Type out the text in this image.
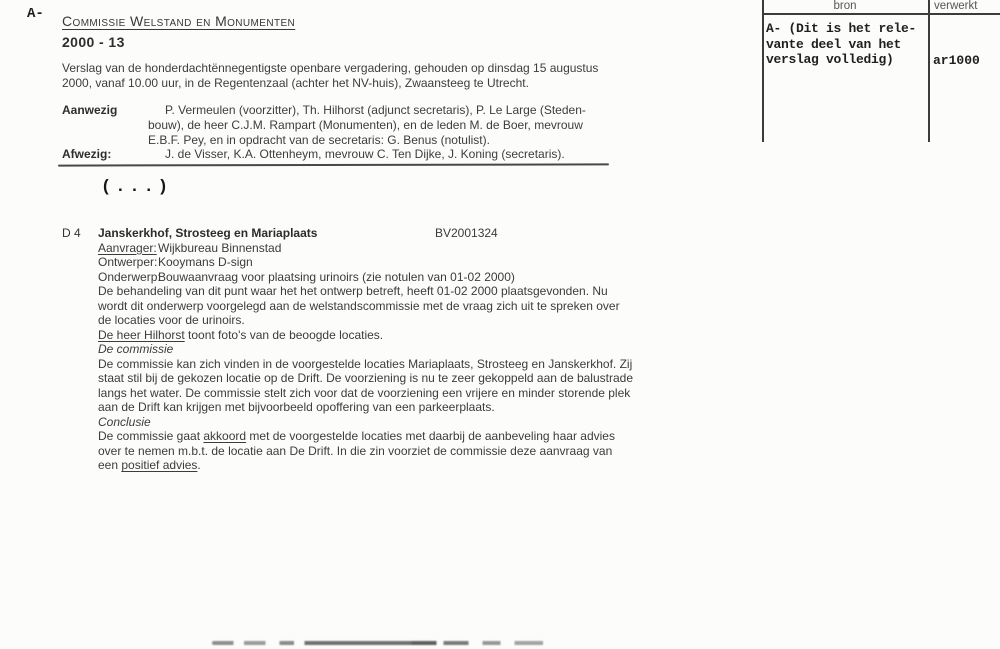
A- Commissie Welstand en Monumenten
2000 - 13

Verslag van de honderdachtënnegentigste openbare vergadering, gehouden op dinsdag 15 augustus 2000, vanaf 10.00 uur, in de Regentenzaal (achter het NV-huis), Zwaansteeg te Utrecht.

Aanwezig	P. Vermeulen (voorzitter), Th. Hilhorst (adjunct secretaris), P. Le Large (Steden-
bouw), de heer C.J.M. Rampart (Monumenten), en de leden M. de Boer, mevrouw
E.B.F. Pey, en in opdracht van de secretaris: G. Benus (notulist).
Afwezig:	J. de Visser, K.A. Ottenheym, mevrouw C. Ten Dijke, J. Koning (secretaris).
(...)
D 4	Janskerkhof, Strosteeg en Mariaplaats	BV2001324
Aanvrager: Wijkbureau Binnenstad
Ontwerper: Kooymans D-sign
Onderwerp:
Bouwaanvraag voor plaatsing urinoirs (zie notulen van 01-02 2000)

De behandeling van dit punt waar het het ontwerp betreft, heeft 01-02 2000 plaatsgevonden. Nu wordt dit onderwerp voorgelegd aan de welstandscommissie met de vraag zich uit te spreken over de locaties voor de urinoirs.

De heer Hilhorst toont foto's van de beoogde locaties.

De commissie

De commissie kan zich vinden in de voorgestelde locaties Mariaplaats, Strosteeg en Janskerkhof. Zij staat stil bij de gekozen locatie op de Drift. De voorziening is nu te zeer gekoppeld aan de balustrade langs het water. De commissie stelt zich voor dat de voorziening een vrijere en minder storende plek aan de Drift kan krijgen met bijvoorbeeld opoffering van een parkeerplaats.

Conclusie

De commissie gaat akkoord met de voorgestelde locaties met daarbij de aanbeveling haar advies over te nemen m.b.t. de locatie aan De Drift. In die zin voorziet de commissie deze aanvraag van een positief advies.

bron	verwerkt
A- (Dit is het rele-
vante deel van het
verslag volledig)	ar1000
